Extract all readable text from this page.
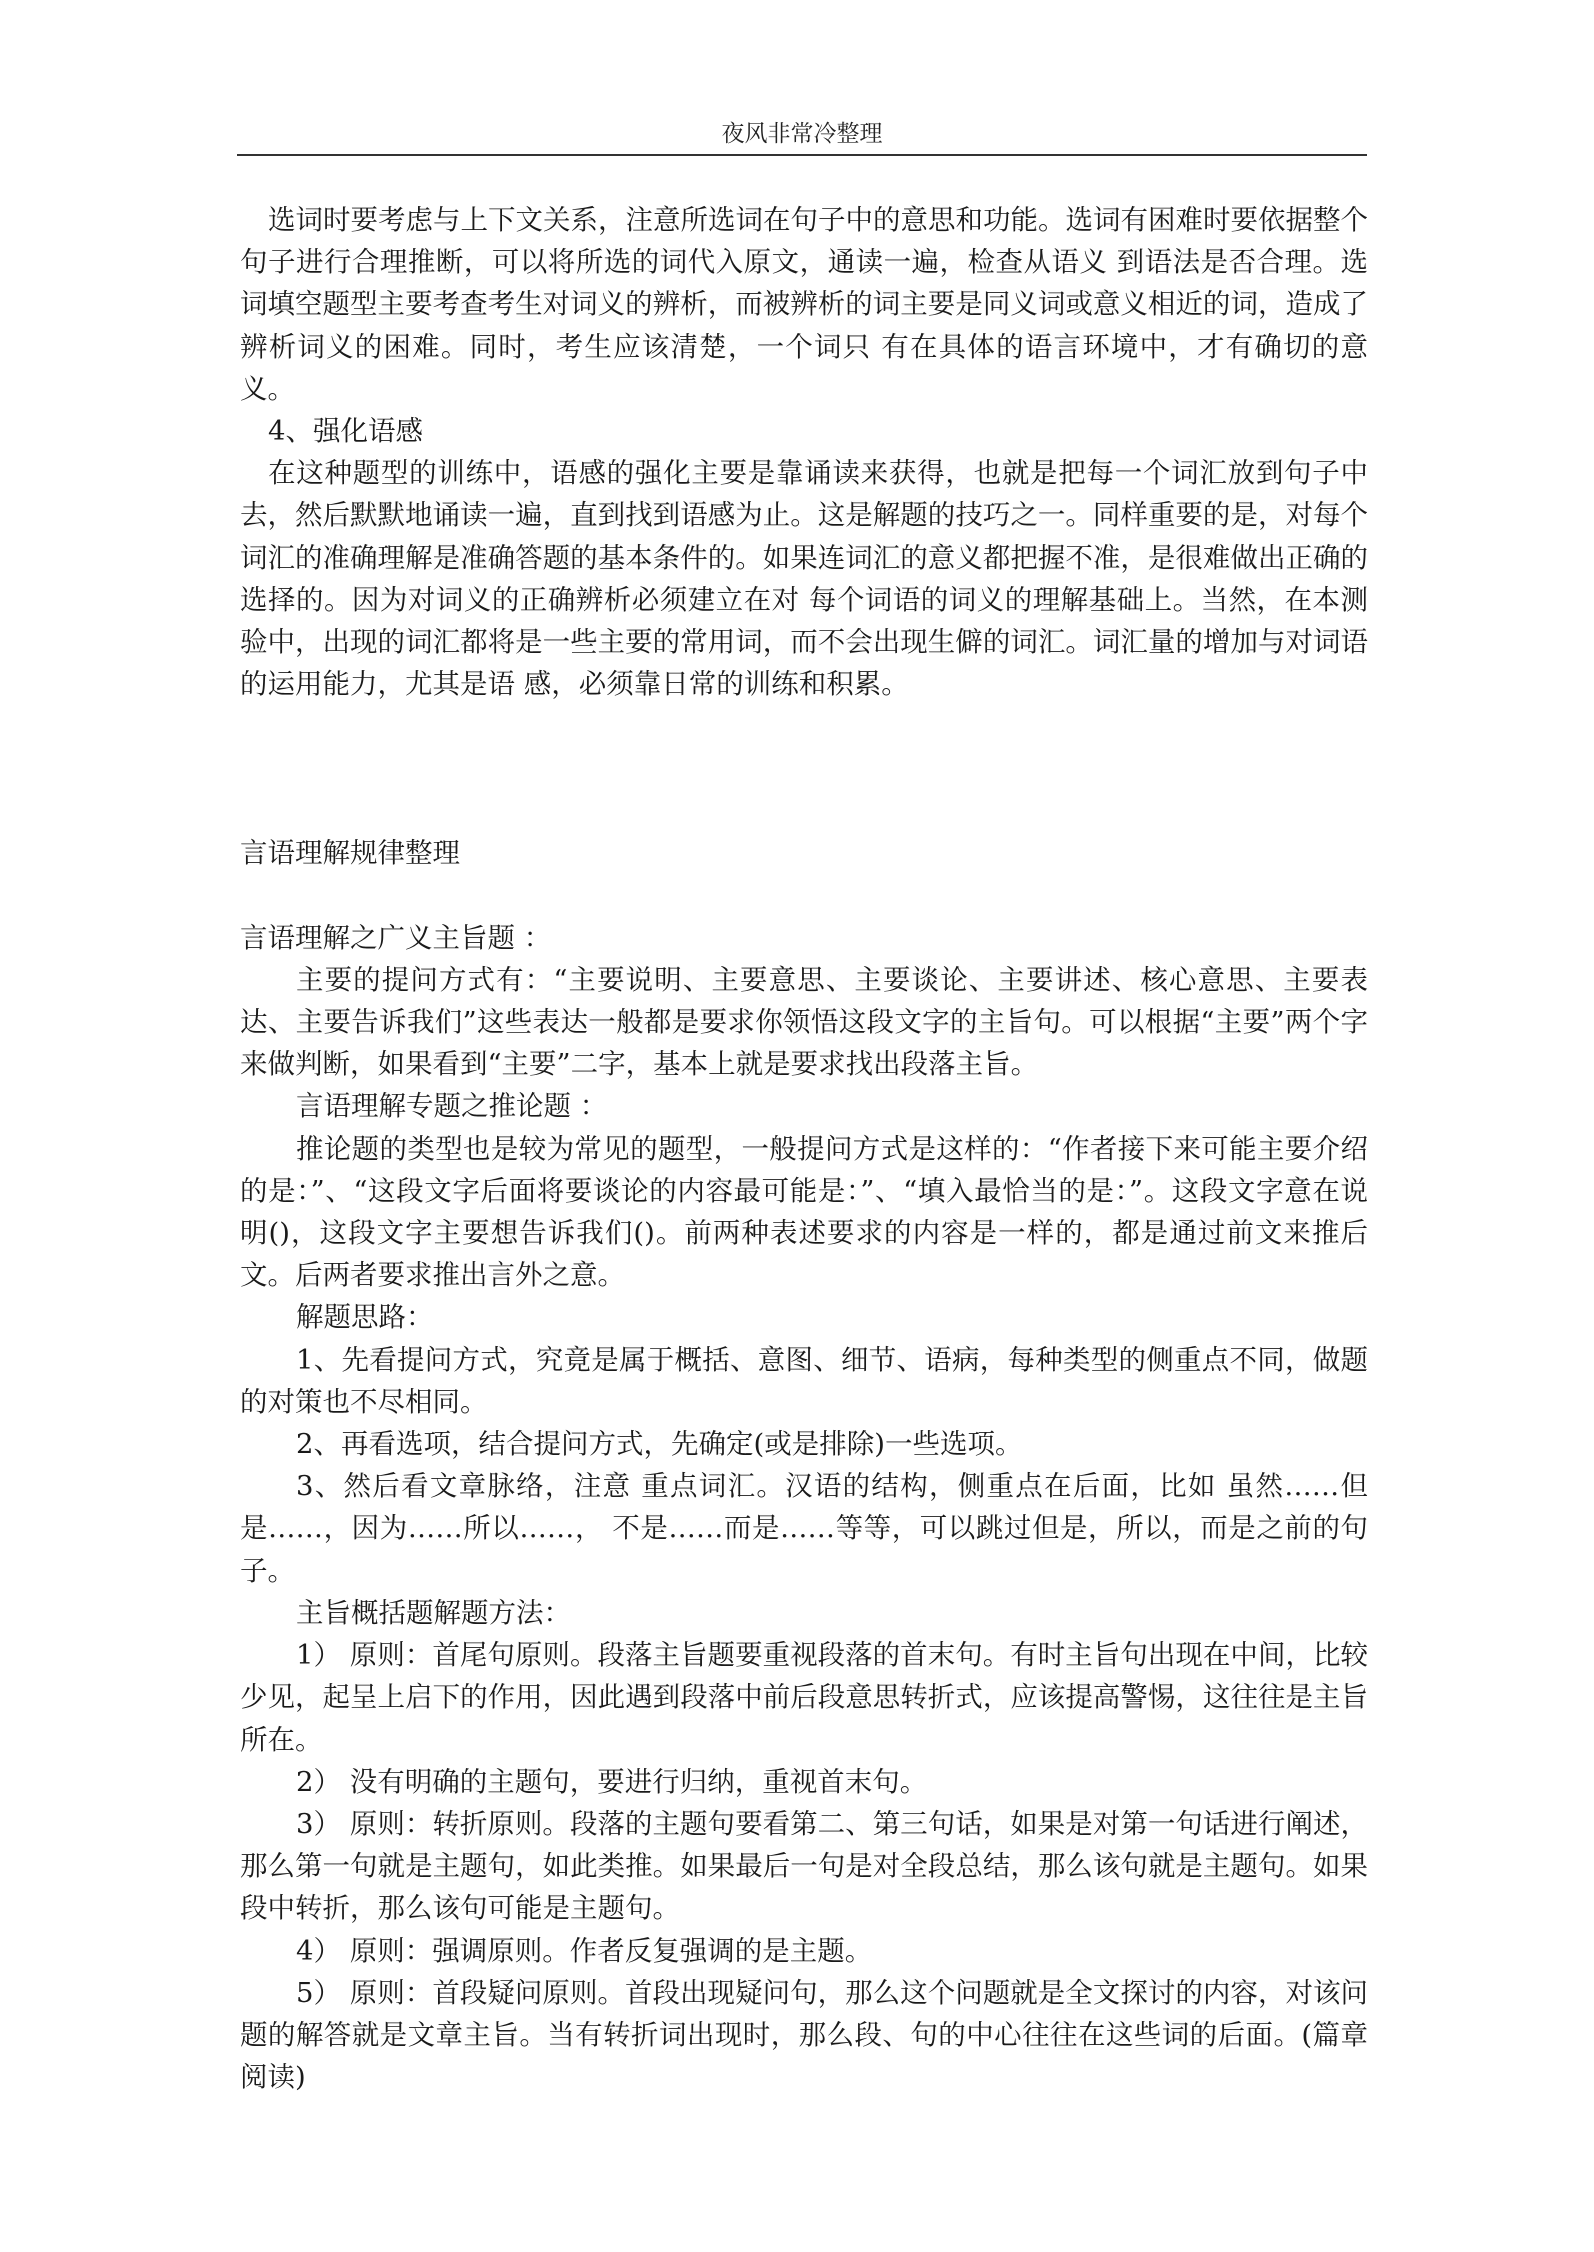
夜风非常冷整理

选词时要考虑与上下文关系，注意所选词在句子中的意思和功能。选词有困难时要依据整个句子进行合理推断，可以将所选的词代入原文，通读一遍，检查从语义 到语法是否合理。选词填空题型主要考查考生对词义的辨析，而被辨析的词主要是同义词或意义相近的词，造成了辨析词义的困难。同时，考生应该清楚，一个词只 有在具体的语言环境中，才有确切的意义。

4、强化语感

在这种题型的训练中，语感的强化主要是靠诵读来获得，也就是把每一个词汇放到句子中去，然后默默地诵读一遍，直到找到语感为止。这是解题的技巧之一。同样重要的是，对每个词汇的准确理解是准确答题的基本条件的。如果连词汇的意义都把握不准，是很难做出正确的选择的。因为对词义的正确辨析必须建立在对 每个词语的词义的理解基础上。当然，在本测验中，出现的词汇都将是一些主要的常用词，而不会出现生僻的词汇。词汇量的增加与对词语的运用能力，尤其是语 感，必须靠日常的训练和积累。

言语理解规律整理

言语理解之广义主旨题 ：

主要的提问方式有：“主要说明、主要意思、主要谈论、主要讲述、核心意思、主要表达、主要告诉我们”这些表达一般都是要求你领悟这段文字的主旨句。可以根据“主要”两个字来做判断，如果看到“主要”二字，基本上就是要求找出段落主旨。

言语理解专题之推论题 ：

推论题的类型也是较为常见的题型，一般提问方式是这样的：“作者接下来可能主要介绍的是：”、“这段文字后面将要谈论的内容最可能是：”、“填入最恰当的是：”。这段文字意在说明()，这段文字主要想告诉我们()。前两种表述要求的内容是一样的，都是通过前文来推后文。后两者要求推出言外之意。

解题思路：

1、先看提问方式，究竟是属于概括、意图、细节、语病，每种类型的侧重点不同，做题的对策也不尽相同。

2、再看选项，结合提问方式，先确定(或是排除)一些选项。

3、然后看文章脉络，注意 重点词汇。汉语的结构，侧重点在后面，比如 虽然……但是……，因为……所以……， 不是……而是……等等，可以跳过但是，所以，而是之前的句子。

主旨概括题解题方法：

1） 原则：首尾句原则。段落主旨题要重视段落的首末句。有时主旨句出现在中间，比较少见，起呈上启下的作用，因此遇到段落中前后段意思转折式，应该提高警惕，这往往是主旨所在。

2） 没有明确的主题句，要进行归纳，重视首末句。

3） 原则：转折原则。段落的主题句要看第二、第三句话，如果是对第一句话进行阐述，那么第一句就是主题句，如此类推。如果最后一句是对全段总结，那么该句就是主题句。如果段中转折，那么该句可能是主题句。

4） 原则：强调原则。作者反复强调的是主题。

5） 原则：首段疑问原则。首段出现疑问句，那么这个问题就是全文探讨的内容，对该问题的解答就是文章主旨。当有转折词出现时，那么段、句的中心往往在这些词的后面。(篇章阅读)
